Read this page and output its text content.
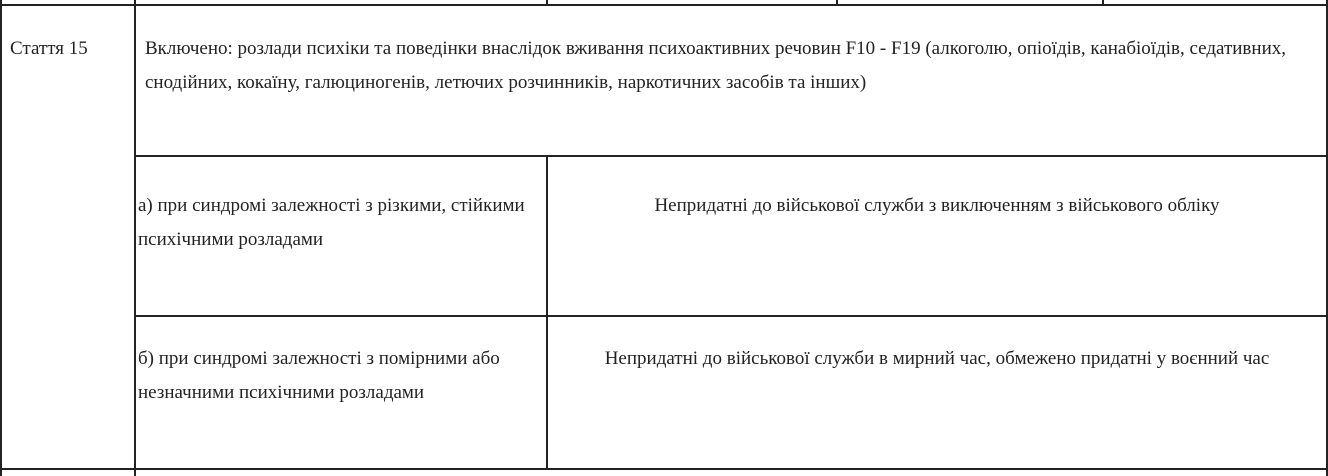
Стаття 15	Включено: розлади психіки та поведінки внаслідок вживання психоактивних речовин F10 - F19 (алкоголю, опіоїдів, канабіоїдів, седативних, снодійних, кокаїну, галюциногенів, летючих розчинників, наркотичних засобів та інших)

а) при синдромі залежності з різкими, стійкими психічними розладами

Непридатні до військової служби з виключенням з військового обліку

б) при синдромі залежності з помірними або незначними психічними розладами

Непридатні до військової служби в мирний час, обмежено придатні у воєнний час
